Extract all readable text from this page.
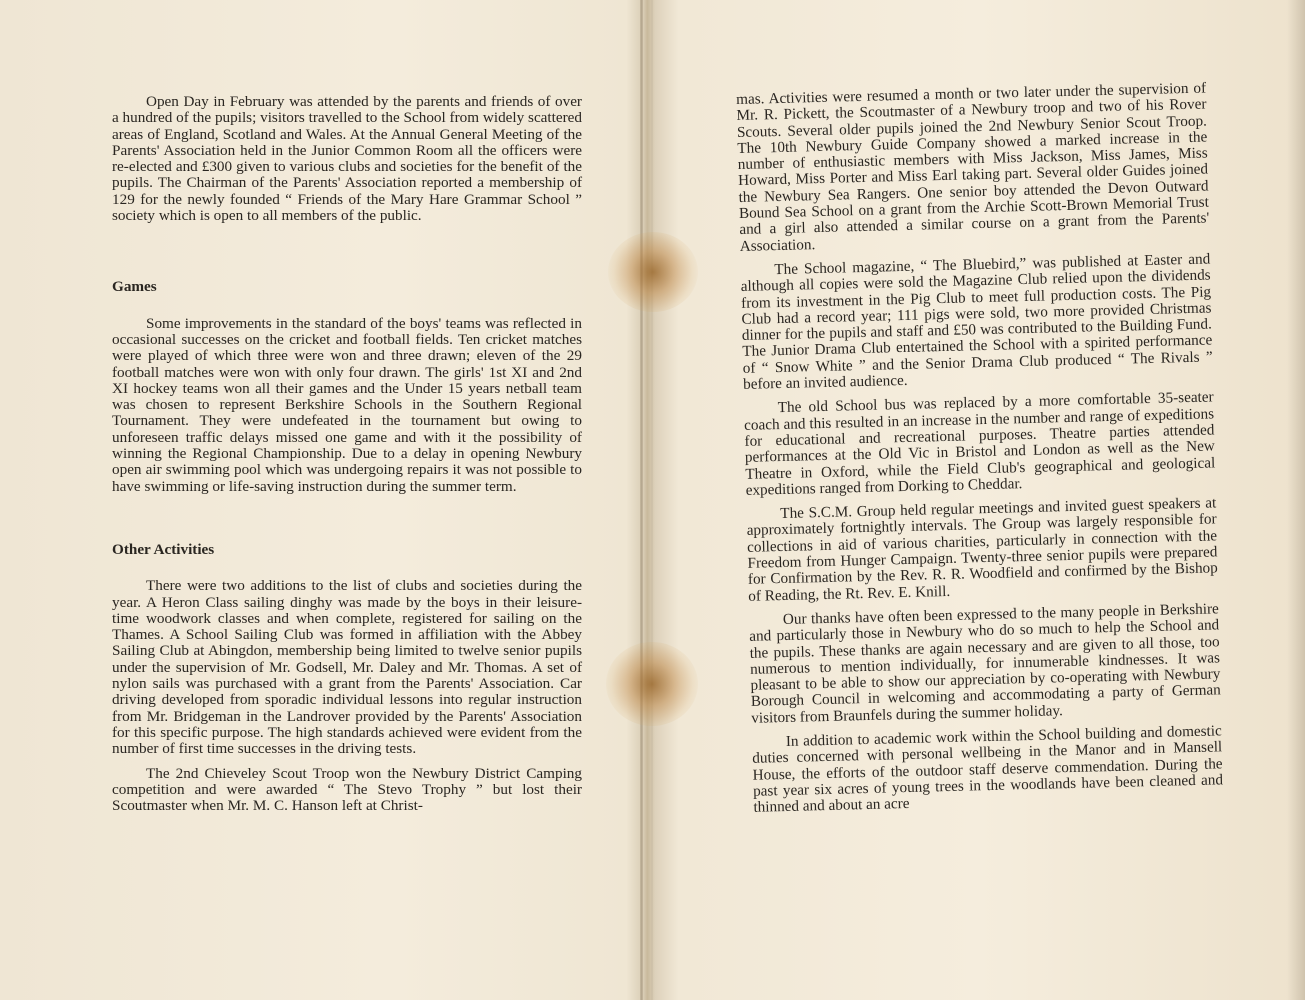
Open Day in February was attended by the parents and friends of over a hundred of the pupils; visitors travelled to the School from widely scattered areas of England, Scotland and Wales. At the Annual General Meeting of the Parents' Association held in the Junior Common Room all the officers were re-elected and £300 given to various clubs and societies for the benefit of the pupils. The Chairman of the Parents' Association reported a membership of 129 for the newly founded “ Friends of the Mary Hare Grammar School ” society which is open to all members of the public.

Games

Some improvements in the standard of the boys' teams was reflected in occasional successes on the cricket and football fields. Ten cricket matches were played of which three were won and three drawn; eleven of the 29 football matches were won with only four drawn. The girls' 1st XI and 2nd XI hockey teams won all their games and the Under 15 years netball team was chosen to represent Berkshire Schools in the Southern Regional Tournament. They were undefeated in the tournament but owing to unforeseen traffic delays missed one game and with it the possibility of winning the Regional Championship. Due to a delay in opening Newbury open air swimming pool which was undergoing repairs it was not possible to have swimming or life-saving instruction during the summer term.

Other Activities

There were two additions to the list of clubs and societies during the year. A Heron Class sailing dinghy was made by the boys in their leisure-time woodwork classes and when complete, registered for sailing on the Thames. A School Sailing Club was formed in affiliation with the Abbey Sailing Club at Abingdon, membership being limited to twelve senior pupils under the supervision of Mr. Godsell, Mr. Daley and Mr. Thomas. A set of nylon sails was purchased with a grant from the Parents' Association. Car driving developed from sporadic individual lessons into regular instruction from Mr. Bridgeman in the Landrover provided by the Parents' Association for this specific purpose. The high standards achieved were evident from the number of first time successes in the driving tests.

The 2nd Chieveley Scout Troop won the Newbury District Camping competition and were awarded “ The Stevo Trophy ” but lost their Scoutmaster when Mr. M. C. Hanson left at Christ-

mas. Activities were resumed a month or two later under the supervision of Mr. R. Pickett, the Scoutmaster of a Newbury troop and two of his Rover Scouts. Several older pupils joined the 2nd Newbury Senior Scout Troop. The 10th Newbury Guide Company showed a marked increase in the number of enthusiastic members with Miss Jackson, Miss James, Miss Howard, Miss Porter and Miss Earl taking part. Several older Guides joined the Newbury Sea Rangers. One senior boy attended the Devon Outward Bound Sea School on a grant from the Archie Scott-Brown Memorial Trust and a girl also attended a similar course on a grant from the Parents' Association.

The School magazine, “ The Bluebird,” was published at Easter and although all copies were sold the Magazine Club relied upon the dividends from its investment in the Pig Club to meet full production costs. The Pig Club had a record year; 111 pigs were sold, two more provided Christmas dinner for the pupils and staff and £50 was contributed to the Building Fund. The Junior Drama Club entertained the School with a spirited performance of “ Snow White ” and the Senior Drama Club produced “ The Rivals ” before an invited audience.

The old School bus was replaced by a more comfortable 35-seater coach and this resulted in an increase in the number and range of expeditions for educational and recreational purposes. Theatre parties attended performances at the Old Vic in Bristol and London as well as the New Theatre in Oxford, while the Field Club's geographical and geological expeditions ranged from Dorking to Cheddar.

The S.C.M. Group held regular meetings and invited guest speakers at approximately fortnightly intervals. The Group was largely responsible for collections in aid of various charities, particularly in connection with the Freedom from Hunger Campaign. Twenty-three senior pupils were prepared for Confirmation by the Rev. R. R. Woodfield and confirmed by the Bishop of Reading, the Rt. Rev. E. Knill.

Our thanks have often been expressed to the many people in Berkshire and particularly those in Newbury who do so much to help the School and the pupils. These thanks are again necessary and are given to all those, too numerous to mention individually, for innumerable kindnesses. It was pleasant to be able to show our appreciation by co-operating with Newbury Borough Council in welcoming and accommodating a party of German visitors from Braunfels during the summer holiday.

In addition to academic work within the School building and domestic duties concerned with personal wellbeing in the Manor and in Mansell House, the efforts of the outdoor staff deserve commendation. During the past year six acres of young trees in the woodlands have been cleaned and thinned and about an acre
